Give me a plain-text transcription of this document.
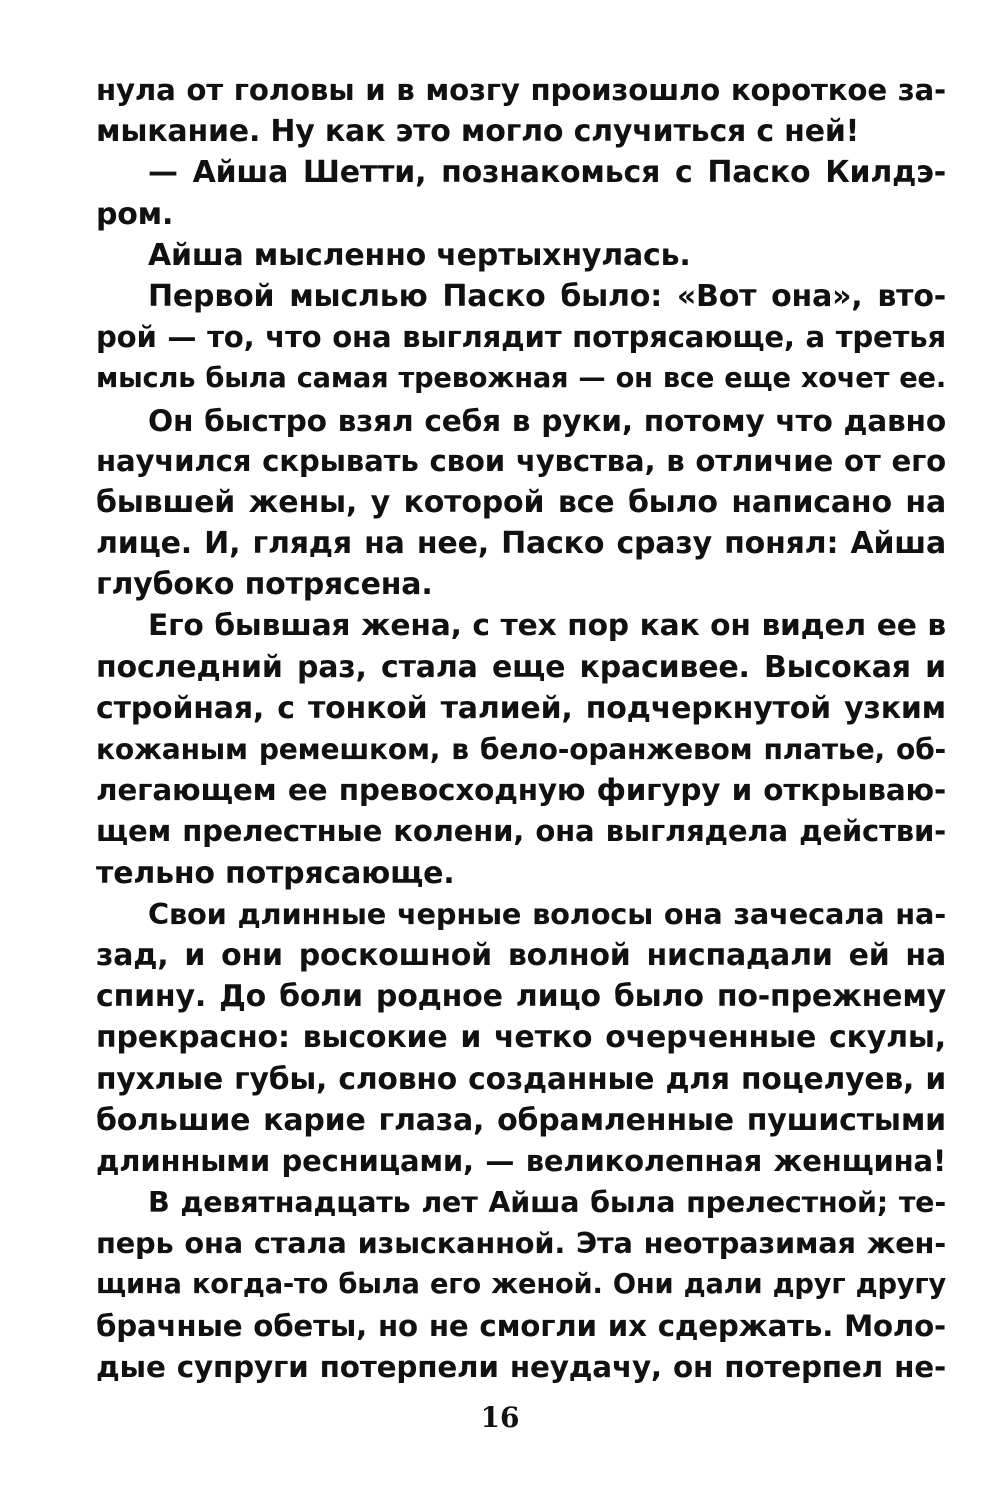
нула от головы и в мозгу произошло короткое за-
мыкание. Ну как это могло случиться с ней!
— Айша Шетти, познакомься с Паско Килдэ-
ром.
Айша мысленно чертыхнулась.
Первой мыслью Паско было: «Вот она», вто-
рой — то, что она выглядит потрясающе, а третья
мысль была самая тревожная — он все еще хочет ее.
Он быстро взял себя в руки, потому что давно
научился скрывать свои чувства, в отличие от его
бывшей жены, у которой все было написано на
лице. И, глядя на нее, Паско сразу понял: Айша
глубоко потрясена.
Его бывшая жена, с тех пор как он видел ее в
последний раз, стала еще красивее. Высокая и
стройная, с тонкой талией, подчеркнутой узким
кожаным ремешком, в бело-оранжевом платье, об-
легающем ее превосходную фигуру и открываю-
щем прелестные колени, она выглядела действи-
тельно потрясающе.
Свои длинные черные волосы она зачесала на-
зад, и они роскошной волной ниспадали ей на
спину. До боли родное лицо было по-прежнему
прекрасно: высокие и четко очерченные скулы,
пухлые губы, словно созданные для поцелуев, и
большие карие глаза, обрамленные пушистыми
длинными ресницами, — великолепная женщина!
В девятнадцать лет Айша была прелестной; те-
перь она стала изысканной. Эта неотразимая жен-
щина когда-то была его женой. Они дали друг другу
брачные обеты, но не смогли их сдержать. Моло-
дые супруги потерпели неудачу, он потерпел не-
16
